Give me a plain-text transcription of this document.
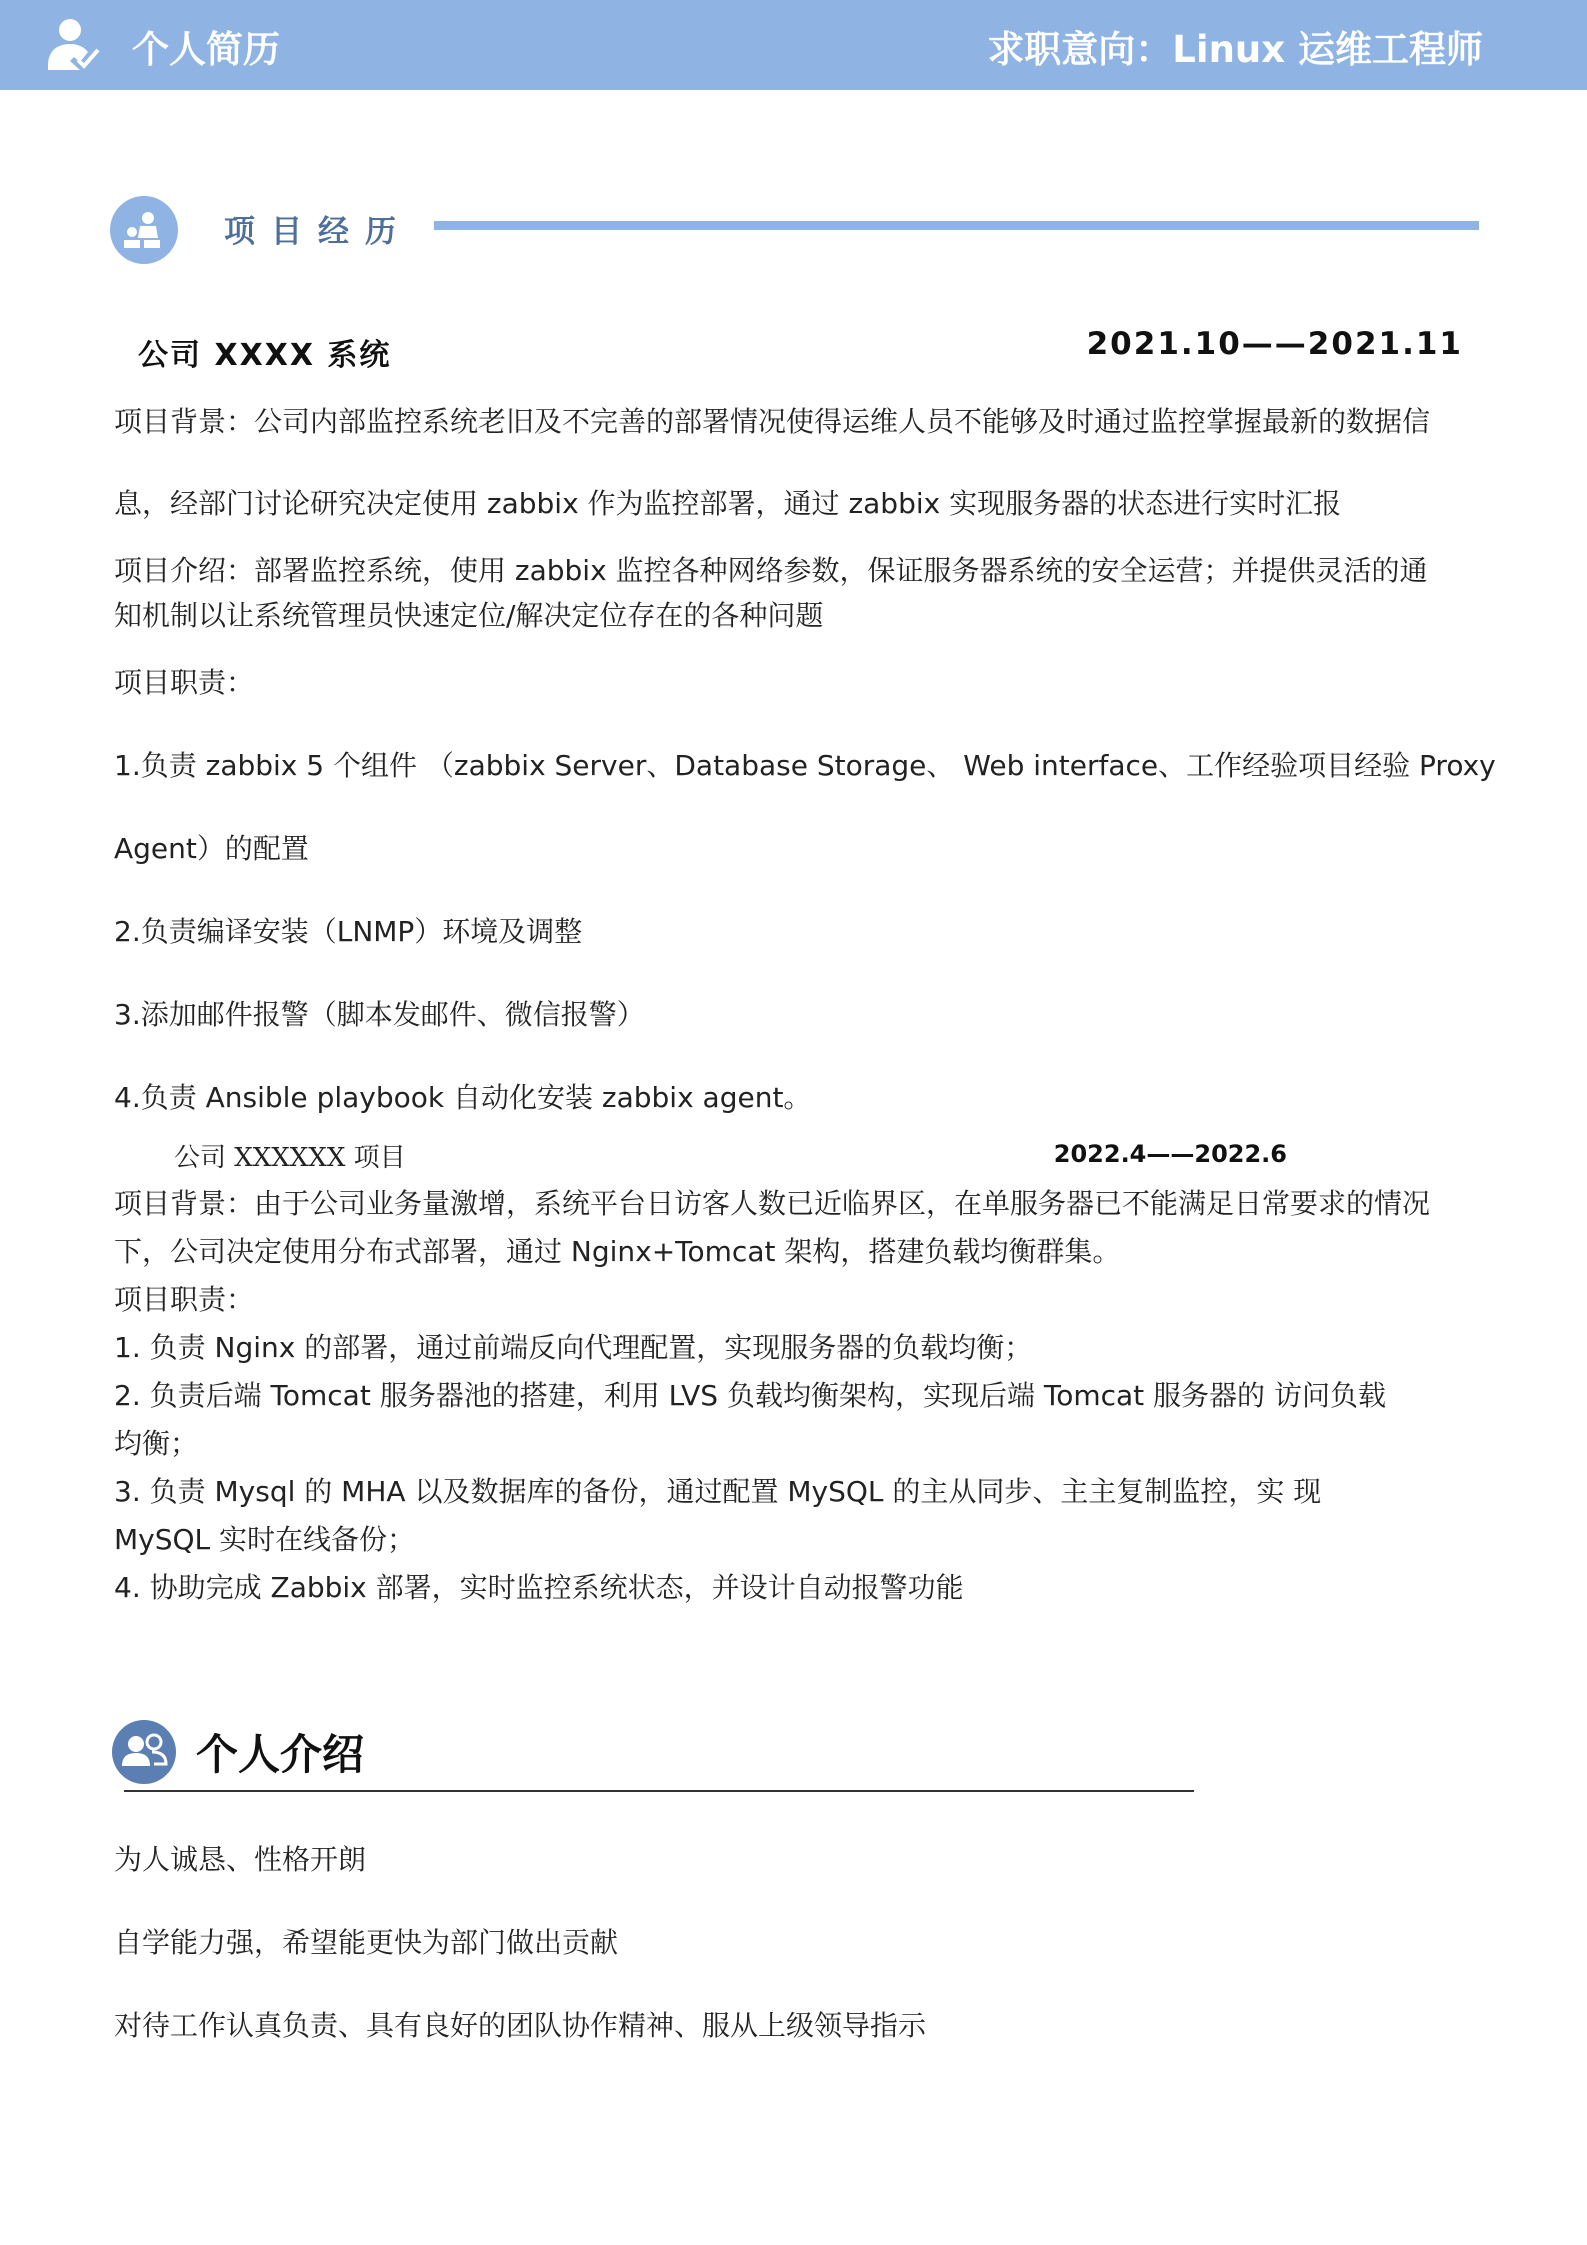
个人简历	求职意向：Linux 运维工程师
项目经历
公司 XXXX 系统	2021.10——2021.11
项目背景：公司内部监控系统老旧及不完善的部署情况使得运维人员不能够及时通过监控掌握最新的数据信
息，经部门讨论研究决定使用 zabbix 作为监控部署，通过 zabbix 实现服务器的状态进行实时汇报
项目介绍：部署监控系统，使用 zabbix 监控各种网络参数，保证服务器系统的安全运营；并提供灵活的通
知机制以让系统管理员快速定位/解决定位存在的各种问题
项目职责：
1.负责 zabbix 5 个组件 （zabbix Server、Database Storage、 Web interface、工作经验项目经验 Proxy
Agent）的配置
2.负责编译安装（LNMP）环境及调整
3.添加邮件报警（脚本发邮件、微信报警）
4.负责 Ansible playbook 自动化安装 zabbix agent。
公司 XXXXXX 项目	2022.4——2022.6
项目背景：由于公司业务量激增，系统平台日访客人数已近临界区，在单服务器已不能满足日常要求的情况
下，公司决定使用分布式部署，通过 Nginx+Tomcat 架构，搭建负载均衡群集。
项目职责：
1. 负责 Nginx 的部署，通过前端反向代理配置，实现服务器的负载均衡；
2. 负责后端 Tomcat 服务器池的搭建，利用 LVS 负载均衡架构，实现后端 Tomcat 服务器的 访问负载
均衡；
3. 负责 Mysql 的 MHA 以及数据库的备份，通过配置 MySQL 的主从同步、主主复制监控，实 现
MySQL 实时在线备份；
4. 协助完成 Zabbix 部署，实时监控系统状态，并设计自动报警功能
个人介绍
为人诚恳、性格开朗
自学能力强，希望能更快为部门做出贡献
对待工作认真负责、具有良好的团队协作精神、服从上级领导指示
